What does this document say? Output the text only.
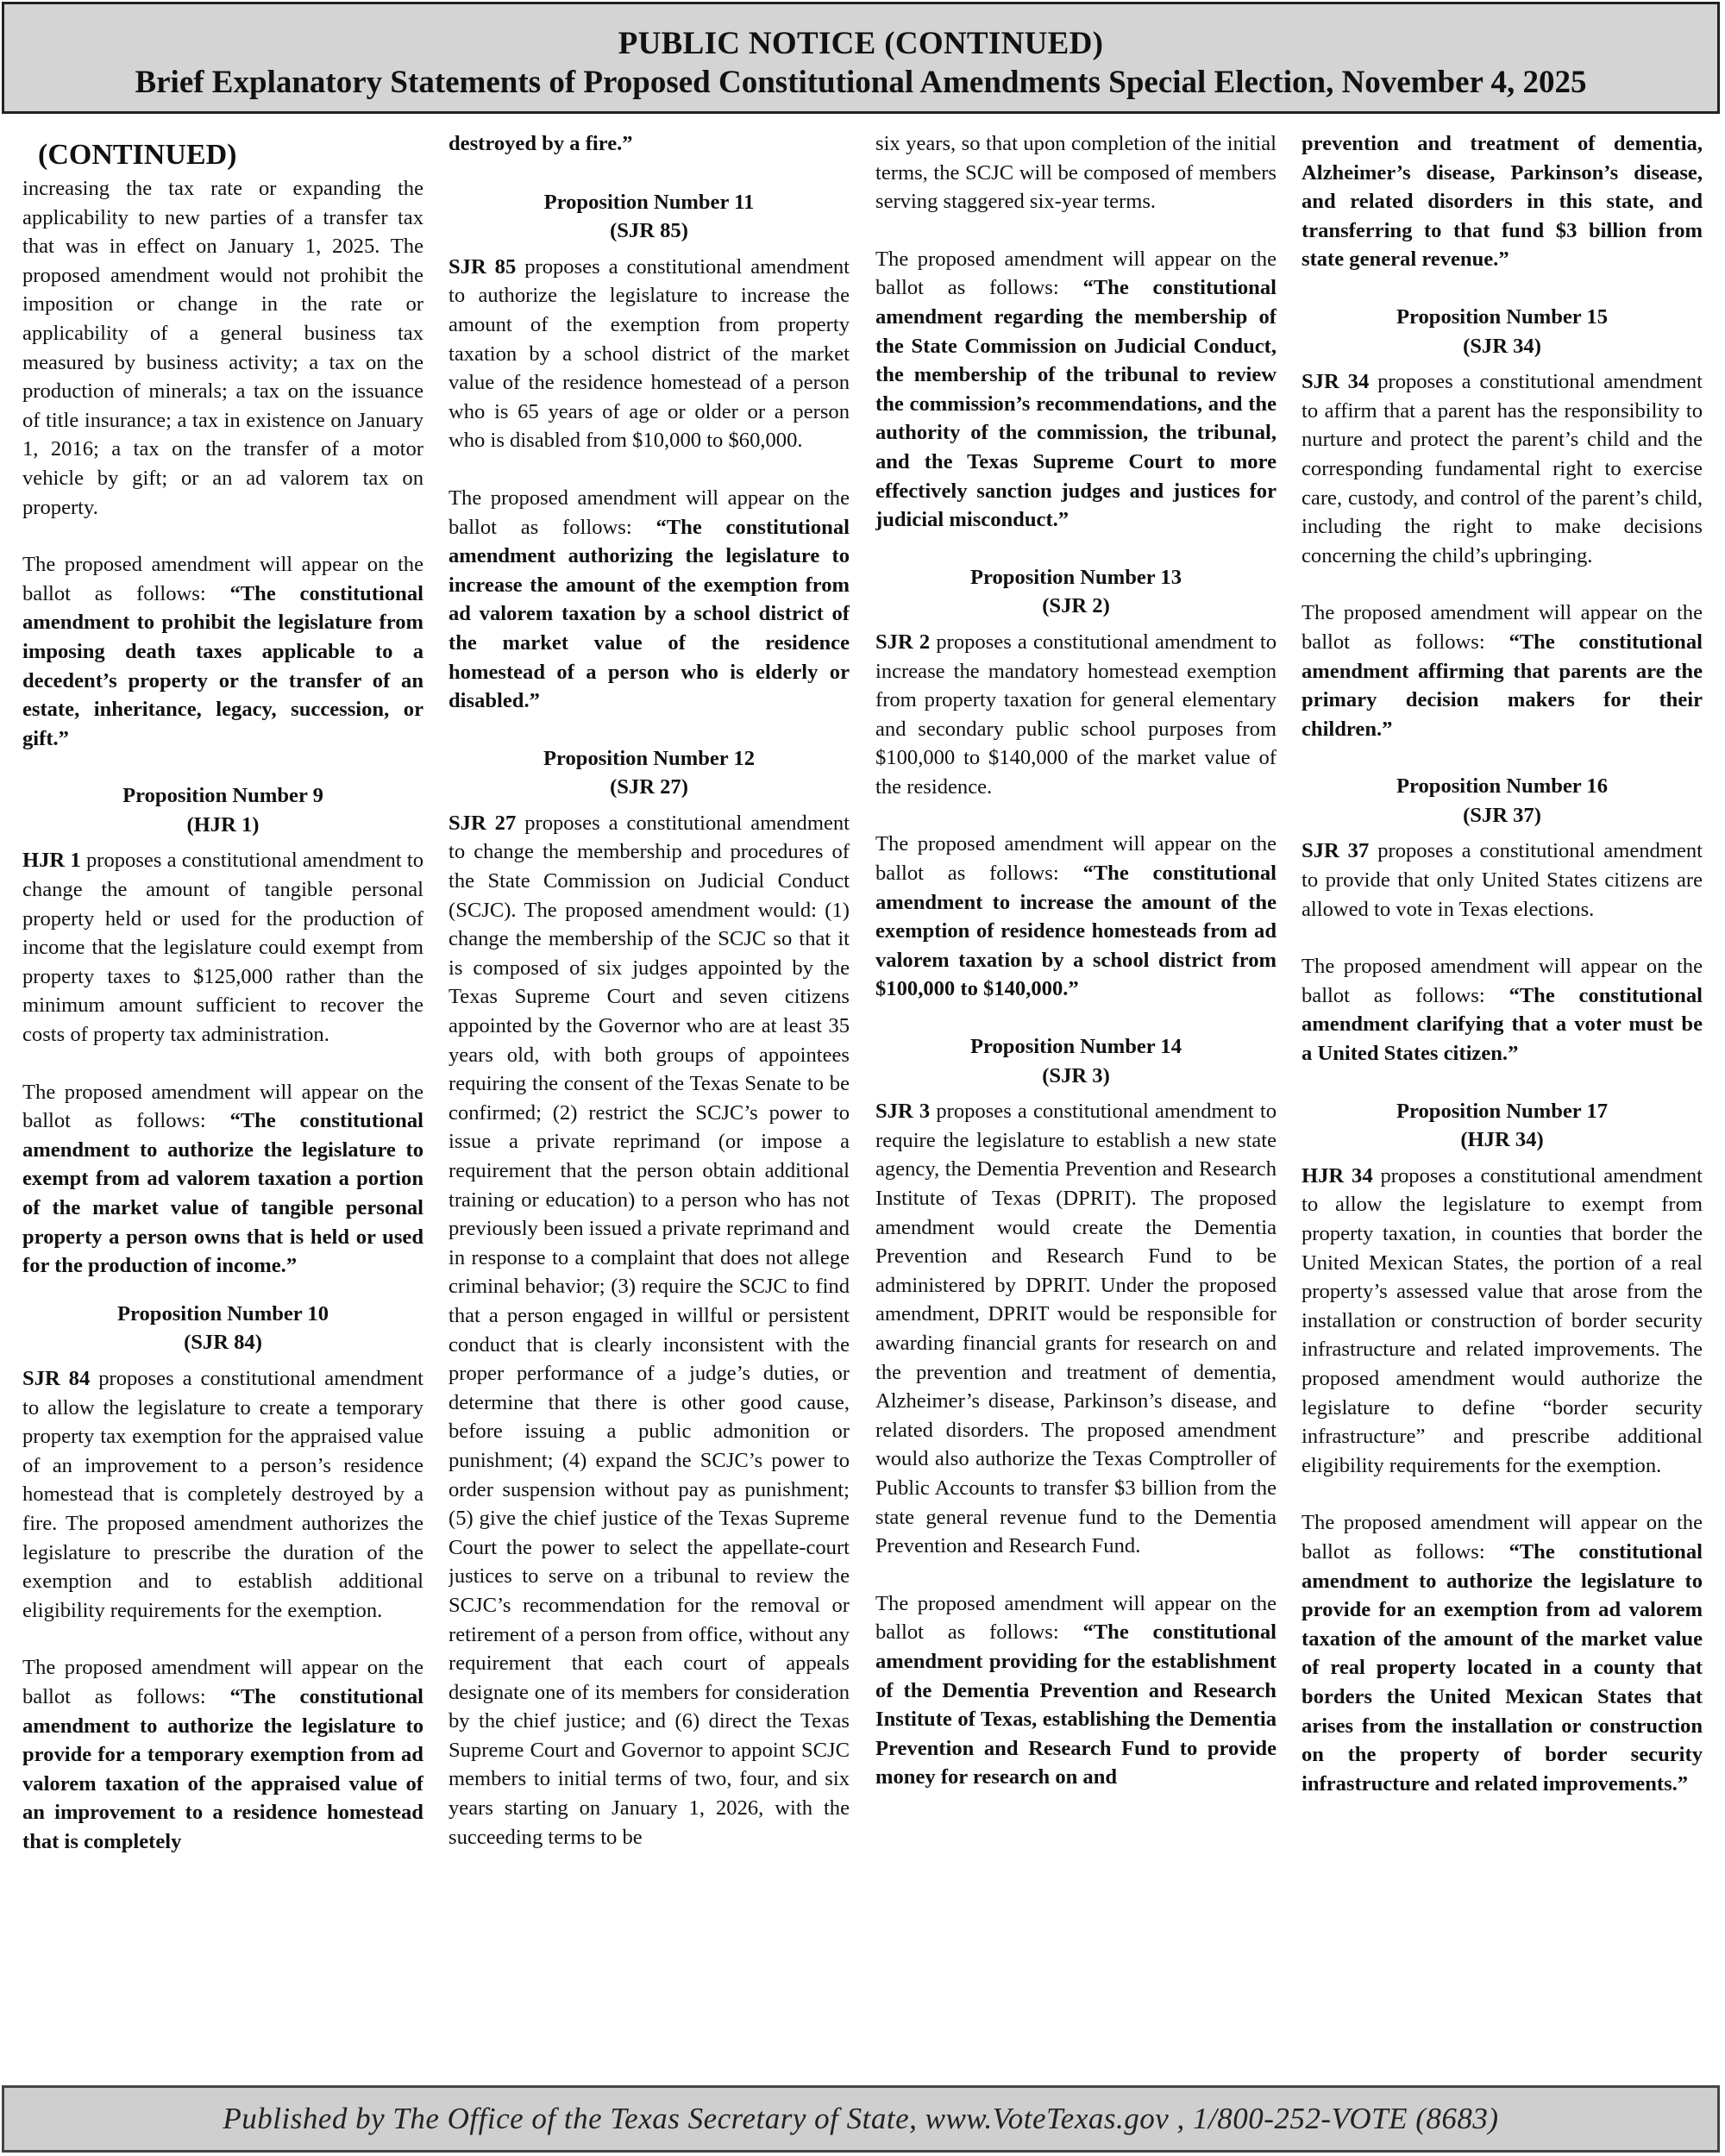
PUBLIC NOTICE (CONTINUED)
Brief Explanatory Statements of Proposed Constitutional Amendments Special Election, November 4, 2025
(CONTINUED)

increasing the tax rate or expanding the applicability to new parties of a transfer tax that was in effect on January 1, 2025. The proposed amendment would not prohibit the imposition or change in the rate or applicability of a general business tax measured by business activity; a tax on the production of minerals; a tax on the issuance of title insurance; a tax in existence on January 1, 2016; a tax on the transfer of a motor vehicle by gift; or an ad valorem tax on property.

The proposed amendment will appear on the ballot as follows: “The constitutional amendment to prohibit the legislature from imposing death taxes applicable to a decedent’s property or the transfer of an estate, inheritance, legacy, succession, or gift.”

Proposition Number 9
(HJR 1)

HJR 1 proposes a constitutional amendment to change the amount of tangible personal property held or used for the production of income that the legislature could exempt from property taxes to $125,000 rather than the minimum amount sufficient to recover the costs of property tax administration.

The proposed amendment will appear on the ballot as follows: “The constitutional amendment to authorize the legislature to exempt from ad valorem taxation a portion of the market value of tangible personal property a person owns that is held or used for the production of income.”

Proposition Number 10
(SJR 84)

SJR 84 proposes a constitutional amendment to allow the legislature to create a temporary property tax exemption for the appraised value of an improvement to a person’s residence homestead that is completely destroyed by a fire. The proposed amendment authorizes the legislature to prescribe the duration of the exemption and to establish additional eligibility requirements for the exemption.

The proposed amendment will appear on the ballot as follows: “The constitutional amendment to authorize the legislature to provide for a temporary exemption from ad valorem taxation of the appraised value of an improvement to a residence homestead that is completely

destroyed by a fire.”

Proposition Number 11
(SJR 85)

SJR 85 proposes a constitutional amendment to authorize the legislature to increase the amount of the exemption from property taxation by a school district of the market value of the residence homestead of a person who is 65 years of age or older or a person who is disabled from $10,000 to $60,000.

The proposed amendment will appear on the ballot as follows: “The constitutional amendment authorizing the legislature to increase the amount of the exemption from ad valorem taxation by a school district of the market value of the residence homestead of a person who is elderly or disabled.”

Proposition Number 12
(SJR 27)

SJR 27 proposes a constitutional amendment to change the membership and procedures of the State Commission on Judicial Conduct (SCJC). The proposed amendment would: (1) change the membership of the SCJC so that it is composed of six judges appointed by the Texas Supreme Court and seven citizens appointed by the Governor who are at least 35 years old, with both groups of appointees requiring the consent of the Texas Senate to be confirmed; (2) restrict the SCJC’s power to issue a private reprimand (or impose a requirement that the person obtain additional training or education) to a person who has not previously been issued a private reprimand and in response to a complaint that does not allege criminal behavior; (3) require the SCJC to find that a person engaged in willful or persistent conduct that is clearly inconsistent with the proper performance of a judge’s duties, or determine that there is other good cause, before issuing a public admonition or punishment; (4) expand the SCJC’s power to order suspension without pay as punishment; (5) give the chief justice of the Texas Supreme Court the power to select the appellate-court justices to serve on a tribunal to review the SCJC’s recommendation for the removal or retirement of a person from office, without any requirement that each court of appeals designate one of its members for consideration by the chief justice; and (6) direct the Texas Supreme Court and Governor to appoint SCJC members to initial terms of two, four, and six years starting on January 1, 2026, with the succeeding terms to be

six years, so that upon completion of the initial terms, the SCJC will be composed of members serving staggered six-year terms.

The proposed amendment will appear on the ballot as follows: “The constitutional amendment regarding the membership of the State Commission on Judicial Conduct, the membership of the tribunal to review the commission’s recommendations, and the authority of the commission, the tribunal, and the Texas Supreme Court to more effectively sanction judges and justices for judicial misconduct.”

Proposition Number 13
(SJR 2)

SJR 2 proposes a constitutional amendment to increase the mandatory homestead exemption from property taxation for general elementary and secondary public school purposes from $100,000 to $140,000 of the market value of the residence.

The proposed amendment will appear on the ballot as follows: “The constitutional amendment to increase the amount of the exemption of residence homesteads from ad valorem taxation by a school district from $100,000 to $140,000.”

Proposition Number 14
(SJR 3)

SJR 3 proposes a constitutional amendment to require the legislature to establish a new state agency, the Dementia Prevention and Research Institute of Texas (DPRIT). The proposed amendment would create the Dementia Prevention and Research Fund to be administered by DPRIT. Under the proposed amendment, DPRIT would be responsible for awarding financial grants for research on and the prevention and treatment of dementia, Alzheimer’s disease, Parkinson’s disease, and related disorders. The proposed amendment would also authorize the Texas Comptroller of Public Accounts to transfer $3 billion from the state general revenue fund to the Dementia Prevention and Research Fund.

The proposed amendment will appear on the ballot as follows: “The constitutional amendment providing for the establishment of the Dementia Prevention and Research Institute of Texas, establishing the Dementia Prevention and Research Fund to provide money for research on and

prevention and treatment of dementia, Alzheimer’s disease, Parkinson’s disease, and related disorders in this state, and transferring to that fund $3 billion from state general revenue.”

Proposition Number 15
(SJR 34)

SJR 34 proposes a constitutional amendment to affirm that a parent has the responsibility to nurture and protect the parent’s child and the corresponding fundamental right to exercise care, custody, and control of the parent’s child, including the right to make decisions concerning the child’s upbringing.

The proposed amendment will appear on the ballot as follows: “The constitutional amendment affirming that parents are the primary decision makers for their children.”

Proposition Number 16
(SJR 37)

SJR 37 proposes a constitutional amendment to provide that only United States citizens are allowed to vote in Texas elections.

The proposed amendment will appear on the ballot as follows: “The constitutional amendment clarifying that a voter must be a United States citizen.”

Proposition Number 17
(HJR 34)

HJR 34 proposes a constitutional amendment to allow the legislature to exempt from property taxation, in counties that border the United Mexican States, the portion of a real property’s assessed value that arose from the installation or construction of border security infrastructure and related improvements. The proposed amendment would authorize the legislature to define “border security infrastructure” and prescribe additional eligibility requirements for the exemption.

The proposed amendment will appear on the ballot as follows: “The constitutional amendment to authorize the legislature to provide for an exemption from ad valorem taxation of the amount of the market value of real property located in a county that borders the United Mexican States that arises from the installation or construction on the property of border security infrastructure and related improvements.”

Published by The Office of the Texas Secretary of State, www.VoteTexas.gov , 1/800-252-VOTE (8683)
